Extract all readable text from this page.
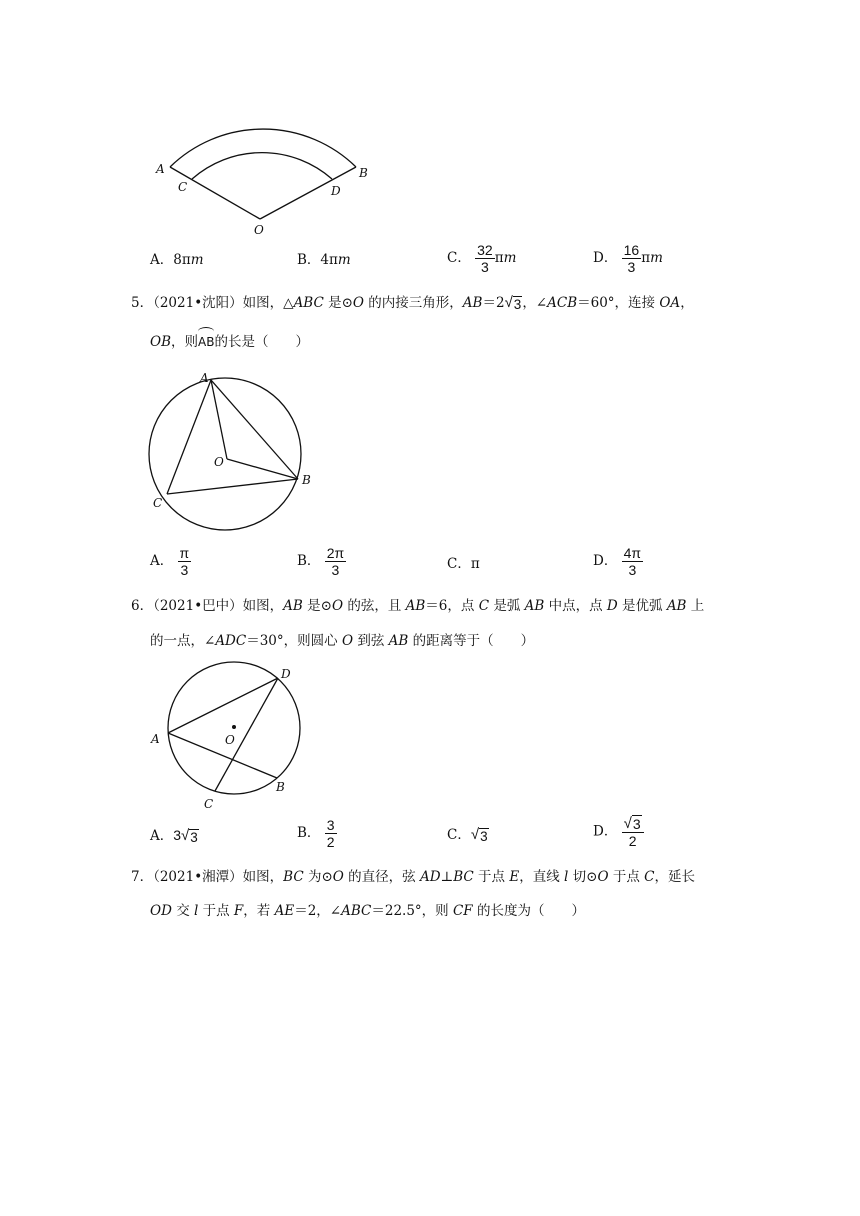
A	B
C	D
O
A．8πm	B．4πm	C． $\frac{32}{3}$ πm	D． $\frac{16}{3}$ πm
5．（2021•沈阳）如图，△ABC 是⊙O 的内接三角形，AB＝2 √ 3 ，∠ACB＝60°，连接 OA，
OB，则AB的长是（　　）
A
B
C
O
A． $\frac{\pi}{3}$	B． $\frac{2\pi}{3}$	C．π	D． $\frac{4\pi}{3}$
6．（2021•巴中）如图，AB 是⊙O 的弦，且 AB＝6，点 C 是弧 AB 中点，点 D 是优弧 AB 上
的一点，∠ADC＝30°，则圆心 O 到弦 AB 的距离等于（　　）
D
A	O
B
C
A．3 √ 3	B． $\frac{3}{2}$	C． √ 3	D． $\frac{√ 3}{2}$
7．（2021•湘潭）如图，BC 为⊙O 的直径，弦 AD⊥BC 于点 E，直线 l 切⊙O 于点 C，延长
OD 交 l 于点 F，若 AE＝2，∠ABC＝22.5°，则 CF 的长度为（　　）
